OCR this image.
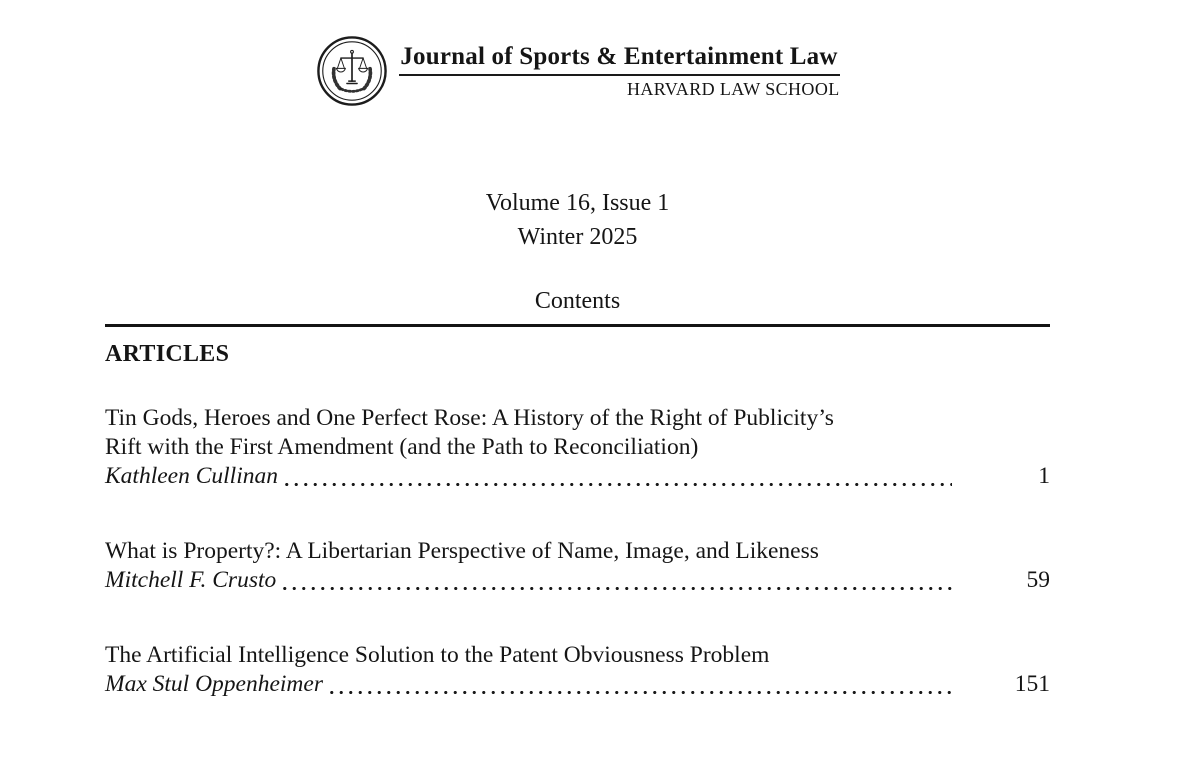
Journal of Sports & Entertainment Law
HARVARD LAW SCHOOL
Volume 16, Issue 1
Winter 2025
Contents
ARTICLES
Tin Gods, Heroes and One Perfect Rose: A History of the Right of Publicity’s
Rift with the First Amendment (and the Path to Reconciliation)
Kathleen Cullinan	1
What is Property?: A Libertarian Perspective of Name, Image, and Likeness
Mitchell F. Crusto	59
The Artificial Intelligence Solution to the Patent Obviousness Problem
Max Stul Oppenheimer	151
